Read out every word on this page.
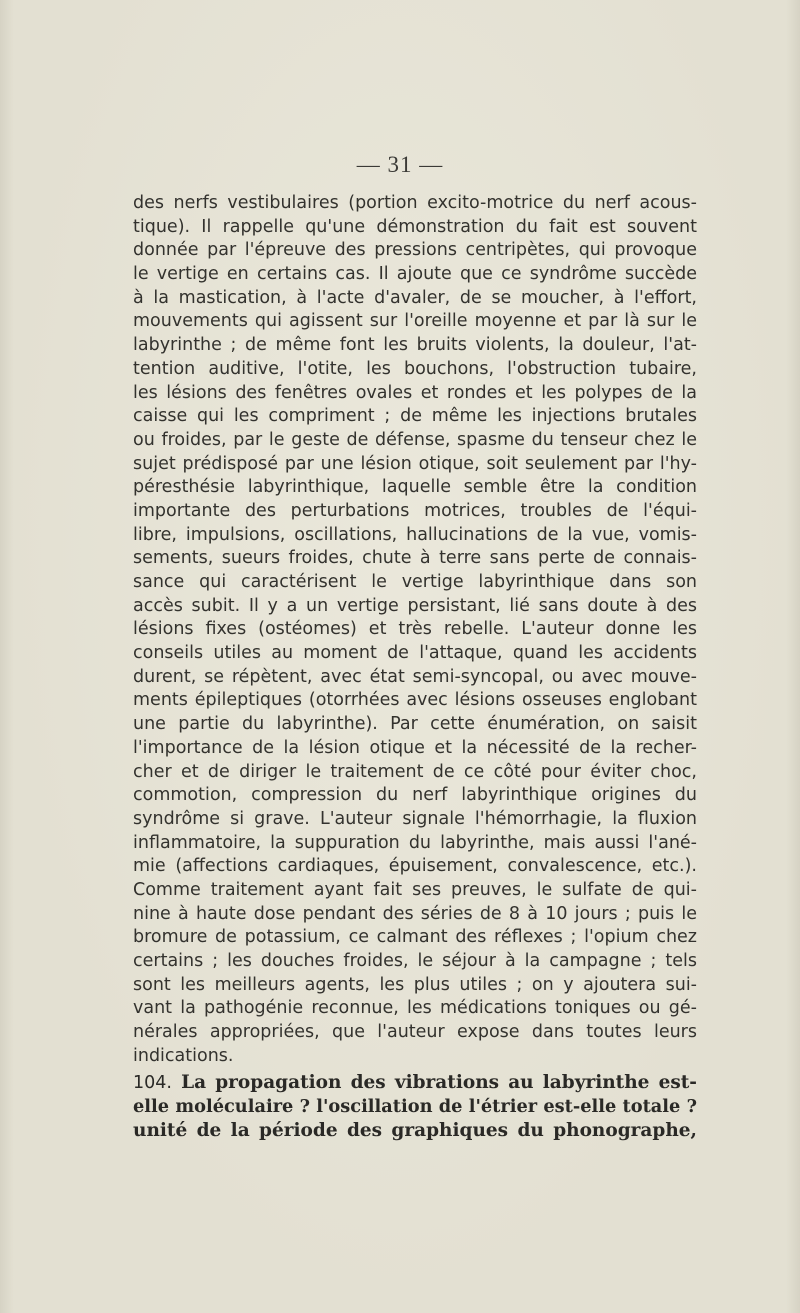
— 31 —
des nerfs vestibulaires (portion excito-motrice du nerf acous-
tique). Il rappelle qu'une démonstration du fait est souvent
donnée par l'épreuve des pressions centripètes, qui provoque
le vertige en certains cas. Il ajoute que ce syndrôme succède
à la mastication, à l'acte d'avaler, de se moucher, à l'effort,
mouvements qui agissent sur l'oreille moyenne et par là sur le
labyrinthe ; de même font les bruits violents, la douleur, l'at-
tention auditive, l'otite, les bouchons, l'obstruction tubaire,
les lésions des fenêtres ovales et rondes et les polypes de la
caisse qui les compriment ; de même les injections brutales
ou froides, par le geste de défense, spasme du tenseur chez le
sujet prédisposé par une lésion otique, soit seulement par l'hy-
péresthésie labyrinthique, laquelle semble être la condition
importante des perturbations motrices, troubles de l'équi-
libre, impulsions, oscillations, hallucinations de la vue, vomis-
sements, sueurs froides, chute à terre sans perte de connais-
sance qui caractérisent le vertige labyrinthique dans son
accès subit. Il y a un vertige persistant, lié sans doute à des
lésions fixes (ostéomes) et très rebelle. L'auteur donne les
conseils utiles au moment de l'attaque, quand les accidents
durent, se répètent, avec état semi-syncopal, ou avec mouve-
ments épileptiques (otorrhées avec lésions osseuses englobant
une partie du labyrinthe). Par cette énumération, on saisit
l'importance de la lésion otique et la nécessité de la recher-
cher et de diriger le traitement de ce côté pour éviter choc,
commotion, compression du nerf labyrinthique origines du
syndrôme si grave. L'auteur signale l'hémorrhagie, la fluxion
inflammatoire, la suppuration du labyrinthe, mais aussi l'ané-
mie (affections cardiaques, épuisement, convalescence, etc.).
Comme traitement ayant fait ses preuves, le sulfate de qui-
nine à haute dose pendant des séries de 8 à 10 jours ; puis le
bromure de potassium, ce calmant des réflexes ; l'opium chez
certains ; les douches froides, le séjour à la campagne ; tels
sont les meilleurs agents, les plus utiles ; on y ajoutera sui-
vant la pathogénie reconnue, les médications toniques ou gé-
nérales appropriées, que l'auteur expose dans toutes leurs
indications.
104. La propagation des vibrations au labyrinthe est-
elle moléculaire ? l'oscillation de l'étrier est-elle totale ?
unité de la période des graphiques du phonographe,
